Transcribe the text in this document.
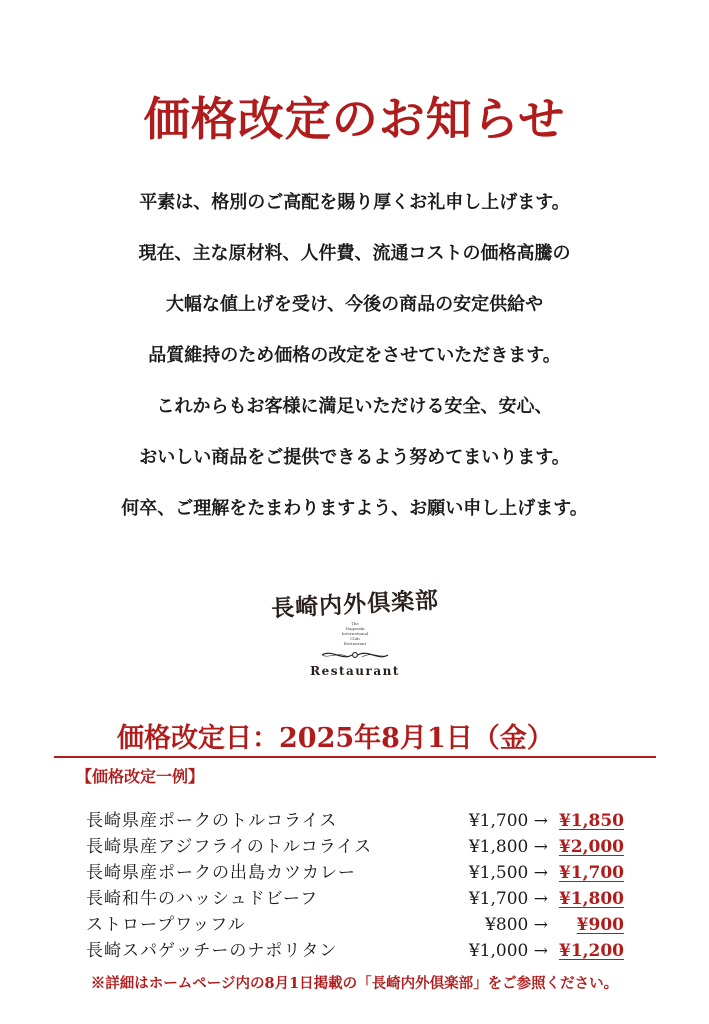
価格改定のお知らせ
平素は、格別のご高配を賜り厚くお礼申し上げます。
現在、主な原材料、人件費、流通コストの価格高騰の
大幅な値上げを受け、今後の商品の安定供給や
品質維持のため価格の改定をさせていただきます。
これからもお客様に満足いただける安全、安心、
おいしい商品をご提供できるよう努めてまいります。
何卒、ご理解をたまわりますよう、お願い申し上げます。
長崎内外倶楽部
The
Nagasaki
International
Club
Restaurant
Restaurant
価格改定日：2025年8月1日（金）
【価格改定一例】
長崎県産ポークのトルコライス	¥1,700 → ¥1,850
長崎県産アジフライのトルコライス	¥1,800 → ¥2,000
長崎県産ポークの出島カツカレー	¥1,500 → ¥1,700
長崎和牛のハッシュドビーフ	¥1,700 → ¥1,800
ストロープワッフル	¥800 → ¥900
長崎スパゲッチーのナポリタン	¥1,000 → ¥1,200
※詳細はホームページ内の8月1日掲載の「長崎内外倶楽部」をご参照ください。
